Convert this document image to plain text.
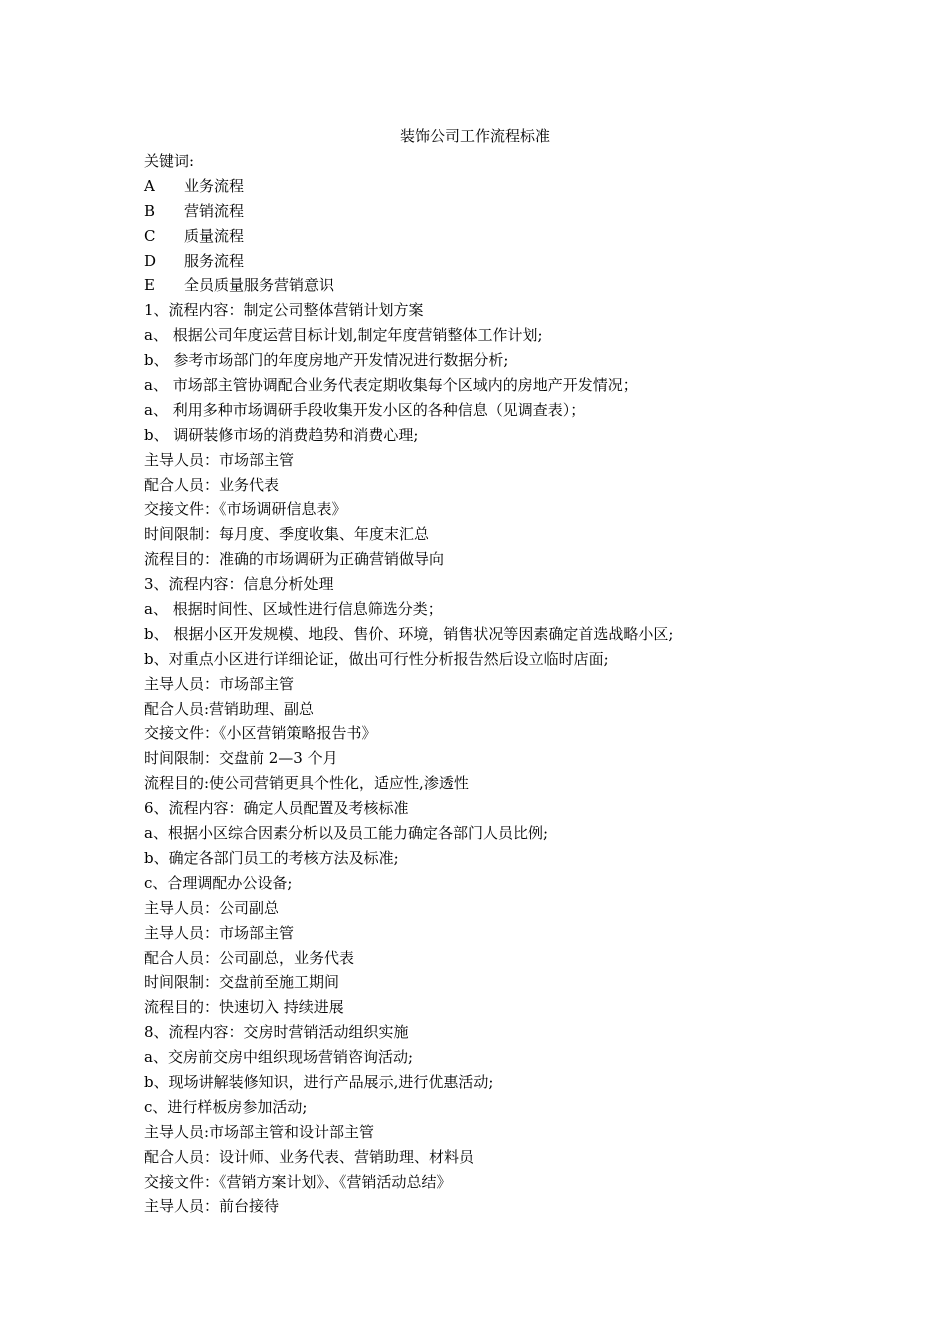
装饰公司工作流程标准
关键词:
A 业务流程
B 营销流程
C 质量流程
D 服务流程
E 全员质量服务营销意识
1、流程内容：制定公司整体营销计划方案
a、 根据公司年度运营目标计划,制定年度营销整体工作计划;
b、 参考市场部门的年度房地产开发情况进行数据分析;
a、 市场部主管协调配合业务代表定期收集每个区域内的房地产开发情况；
a、 利用多种市场调研手段收集开发小区的各种信息（见调查表）；
b、 调研装修市场的消费趋势和消费心理;
主导人员：市场部主管
配合人员：业务代表
交接文件：《市场调研信息表》
时间限制：每月度、季度收集、年度末汇总
流程目的：准确的市场调研为正确营销做导向
3、流程内容：信息分析处理
a、 根据时间性、区域性进行信息筛选分类；
b、 根据小区开发规模、地段、售价、环境，销售状况等因素确定首选战略小区;
b、对重点小区进行详细论证，做出可行性分析报告然后设立临时店面;
主导人员：市场部主管
配合人员:营销助理、副总
交接文件：《小区营销策略报告书》
时间限制：交盘前 2—3 个月
流程目的:使公司营销更具个性化，适应性,渗透性
6、流程内容：确定人员配置及考核标准
a、根据小区综合因素分析以及员工能力确定各部门人员比例;
b、确定各部门员工的考核方法及标准;
c、合理调配办公设备;
主导人员：公司副总
主导人员：市场部主管
配合人员：公司副总，业务代表
时间限制：交盘前至施工期间
流程目的：快速切入 持续进展
8、流程内容：交房时营销活动组织实施
a、交房前交房中组织现场营销咨询活动;
b、现场讲解装修知识，进行产品展示,进行优惠活动;
c、进行样板房参加活动;
主导人员:市场部主管和设计部主管
配合人员：设计师、业务代表、营销助理、材料员
交接文件：《营销方案计划》、《营销活动总结》
主导人员：前台接待
